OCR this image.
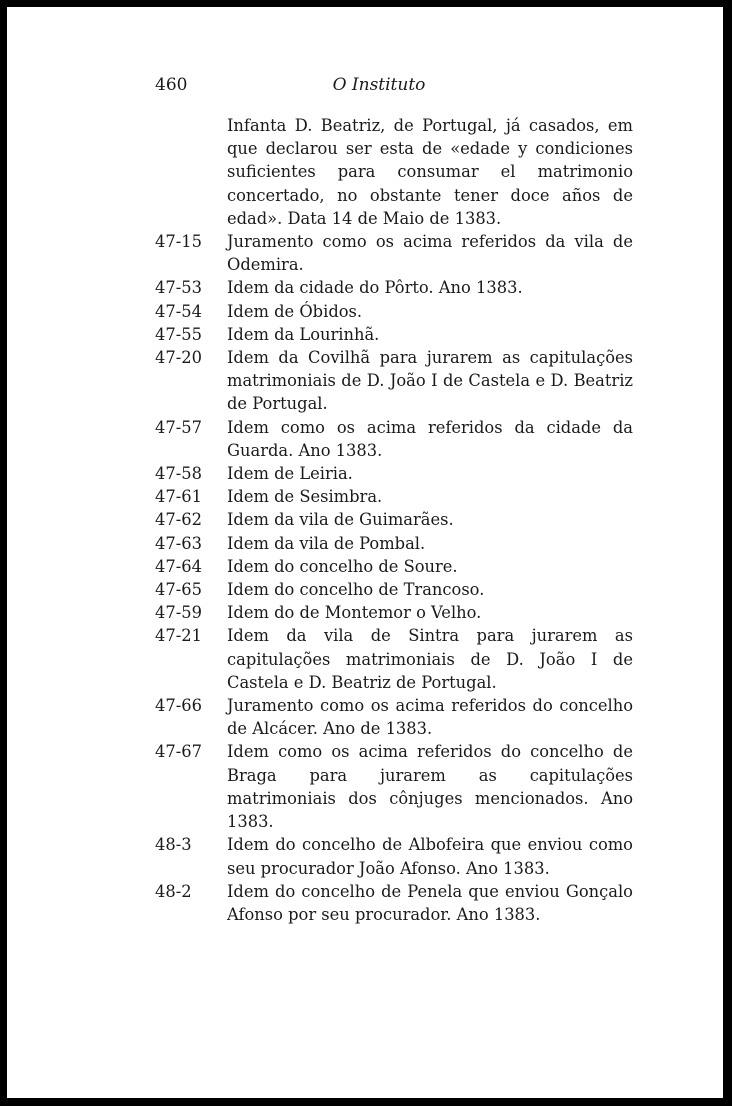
460	O Instituto
Infanta D. Beatriz, de Portugal, já casados, em que declarou ser esta de «edade y condiciones suficientes para consumar el matrimonio concertado, no obstante tener doce años de edad». Data 14 de Maio de 1383.
47-15	Juramento como os acima referidos da vila de Odemira.
47-53	Idem da cidade do Pôrto. Ano 1383.
47-54	Idem de Óbidos.
47-55	Idem da Lourinhã.
47-20	Idem da Covilhã para jurarem as capitulações matrimoniais de D. João I de Castela e D. Beatriz de Portugal.
47-57	Idem como os acima referidos da cidade da Guarda. Ano 1383.
47-58	Idem de Leiria.
47-61	Idem de Sesimbra.
47-62	Idem da vila de Guimarães.
47-63	Idem da vila de Pombal.
47-64	Idem do concelho de Soure.
47-65	Idem do concelho de Trancoso.
47-59	Idem do de Montemor o Velho.
47-21	Idem da vila de Sintra para jurarem as capitulações matrimoniais de D. João I de Castela e D. Beatriz de Portugal.
47-66	Juramento como os acima referidos do concelho de Alcácer. Ano de 1383.
47-67	Idem como os acima referidos do concelho de Braga para jurarem as capitulações matrimoniais dos cônjuges mencionados. Ano 1383.
48-3	Idem do concelho de Albofeira que enviou como seu procurador João Afonso. Ano 1383.
48-2	Idem do concelho de Penela que enviou Gonçalo Afonso por seu procurador. Ano 1383.
